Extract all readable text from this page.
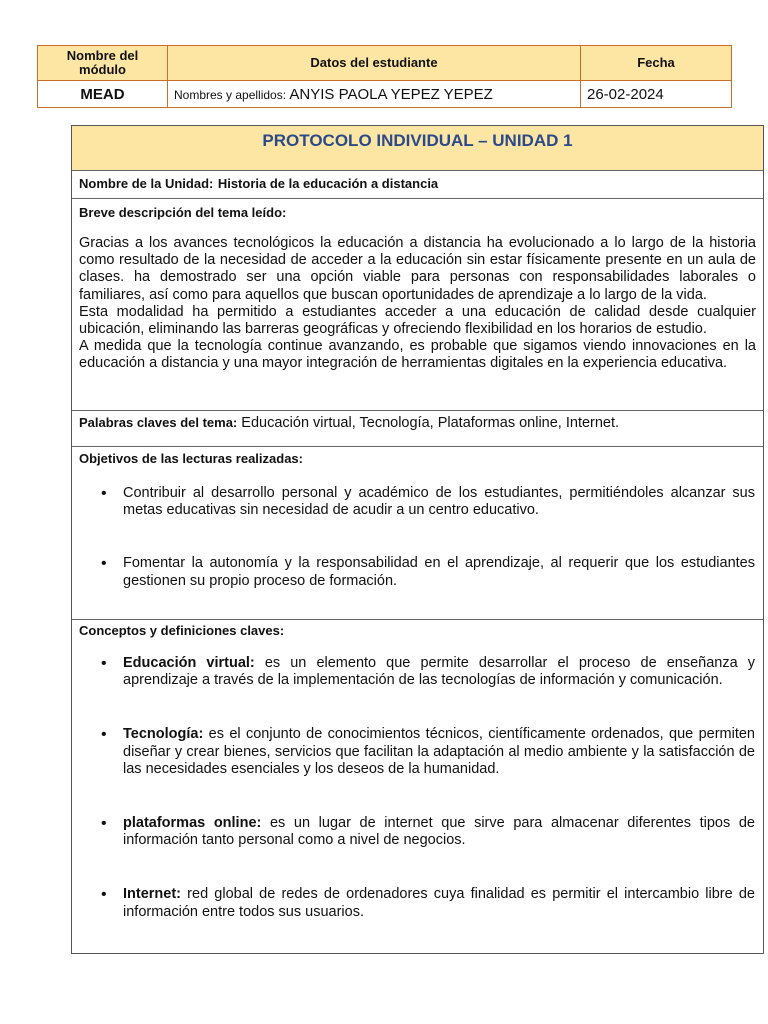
Nombre del módulo	Datos del estudiante	Fecha
MEAD	Nombres y apellidos: ANYIS PAOLA YEPEZ YEPEZ	26-02-2024
PROTOCOLO INDIVIDUAL – UNIDAD 1
Nombre de la Unidad: Historia de la educación a distancia
Breve descripción del tema leído:

Gracias a los avances tecnológicos la educación a distancia ha evolucionado a lo largo de la historia como resultado de la necesidad de acceder a la educación sin estar físicamente presente en un aula de clases. ha demostrado ser una opción viable para personas con responsabilidades laborales o familiares, así como para aquellos que buscan oportunidades de aprendizaje a lo largo de la vida.

Esta modalidad ha permitido a estudiantes acceder a una educación de calidad desde cualquier ubicación, eliminando las barreras geográficas y ofreciendo flexibilidad en los horarios de estudio.

A medida que la tecnología continue avanzando, es probable que sigamos viendo innovaciones en la educación a distancia y una mayor integración de herramientas digitales en la experiencia educativa.

Palabras claves del tema: Educación virtual, Tecnología, Plataformas online, Internet.
Objetivos de las lecturas realizadas:
• Contribuir al desarrollo personal y académico de los estudiantes, permitiéndoles alcanzar sus metas educativas sin necesidad de acudir a un centro educativo.
• Fomentar la autonomía y la responsabilidad en el aprendizaje, al requerir que los estudiantes gestionen su propio proceso de formación.
Conceptos y definiciones claves:
• Educación virtual: es un elemento que permite desarrollar el proceso de enseñanza y aprendizaje a través de la implementación de las tecnologías de información y comunicación.
• Tecnología: es el conjunto de conocimientos técnicos, científicamente ordenados, que permiten diseñar y crear bienes, servicios que facilitan la adaptación al medio ambiente y la satisfacción de las necesidades esenciales y los deseos de la humanidad.
• plataformas online: es un lugar de internet que sirve para almacenar diferentes tipos de información tanto personal como a nivel de negocios.
• Internet: red global de redes de ordenadores cuya finalidad es permitir el intercambio libre de información entre todos sus usuarios.
